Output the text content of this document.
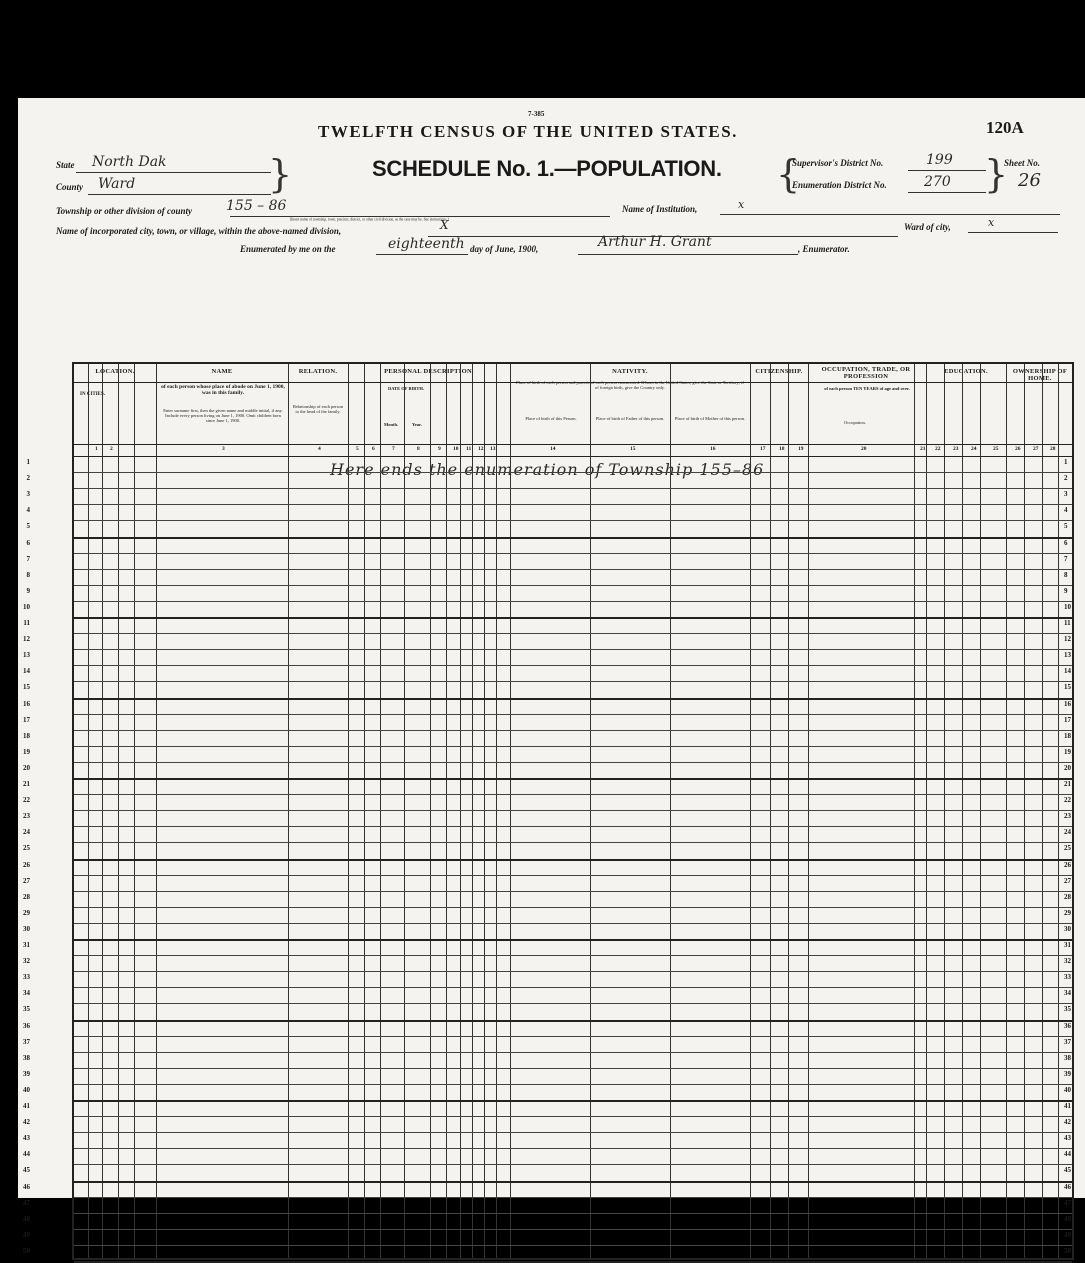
7-385
TWELFTH CENSUS OF THE UNITED STATES.	120A
SCHEDULE No. 1.—POPULATION.
State North Dak
County Ward	}	{
Supervisor's District No.	199
Enumeration District No.	270 }
Sheet No.
26
Township or other division of county 155 – 86
[Insert name of township, town, precinct, district, or other civil division, as the case may be. See instructions.]
Name of Institution,	x
Name of incorporated city, town, or village, within the above-named division,	X	Ward of city,	x
Enumerated by me on the	eighteenth day of June, 1900,	Arthur H. Grant	, Enumerator.
1
2
3
4
5
6
7
8
9
10
11
12
13
14
15
16
17
18
19
20
21
22
23
24
25
26
27
28
29
30
31
32
33
34
35
36
37
38
39
40
41
42
43
44
45
46
47
48
49
50
1
2
3
4
5
6
7
8
9
10
11
12
13
14
15
16
17
18
19
20
21
22
23
24
25
26
27
28
29
30
31
32
33
34
35
36
37
38
39
40
41
42
43
44
45
46
47
48
49
50
LOCATION.	NAME	RELATION.	PERSONAL DESCRIPTION.	NATIVITY.	CITIZENSHIP.	OCCUPATION, TRADE, OR PROFESSION
EDUCATION.	OWNERSHIP OF HOME.
IN CITIES.
of each person whose place of abode on June 1, 1900, was in this family.
Enter surname first, then the given name and middle initial, if any. Include every person living on June 1, 1900. Omit children born since June 1, 1900.
Relationship of each person to the head of the family.
DATE OF BIRTH.
Month.	Year.
Place of birth of each person and parents of each person enumerated. If born in the United States, give the State or Territory; if of foreign birth, give the Country only.
Place of birth of this Person.	Place of birth of Father of this person.	Place of birth of Mother of this person.
of each person TEN YEARS of age and over.
Occupation.
1 2	3	4	5 6	7	8	9 10 11 12 13	14	15	16	17 18 19	20	21 22 23 24	25	26 27 28
Here ends the enumeration of Township 155–86
